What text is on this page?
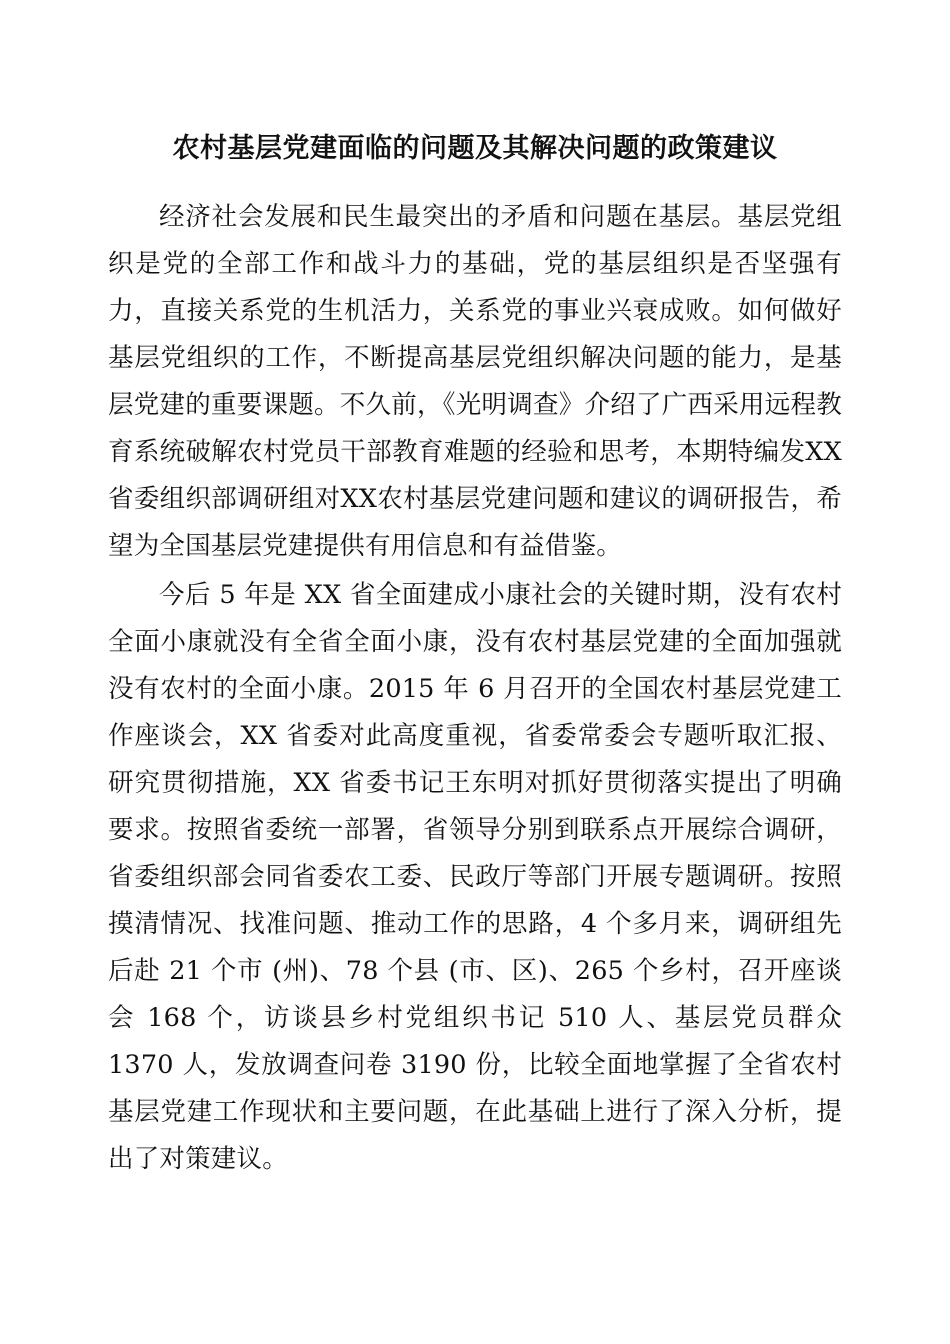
农村基层党建面临的问题及其解决问题的政策建议

经济社会发展和民生最突出的矛盾和问题在基层。基层党组织是党的全部工作和战斗力的基础，党的基层组织是否坚强有力，直接关系党的生机活力，关系党的事业兴衰成败。如何做好基层党组织的工作，不断提高基层党组织解决问题的能力，是基层党建的重要课题。不久前，《光明调查》介绍了广西采用远程教育系统破解农村党员干部教育难题的经验和思考，本期特编发XX省委组织部调研组对XX农村基层党建问题和建议的调研报告，希望为全国基层党建提供有用信息和有益借鉴。

今后 5 年是 XX 省全面建成小康社会的关键时期，没有农村全面小康就没有全省全面小康，没有农村基层党建的全面加强就没有农村的全面小康。2015 年 6 月召开的全国农村基层党建工作座谈会，XX 省委对此高度重视，省委常委会专题听取汇报、研究贯彻措施，XX 省委书记王东明对抓好贯彻落实提出了明确要求。按照省委统一部署，省领导分别到联系点开展综合调研，省委组织部会同省委农工委、民政厅等部门开展专题调研。按照摸清情况、找准问题、推动工作的思路，4 个多月来，调研组先后赴 21 个市 (州)、78 个县 (市、区)、265 个乡村，召开座谈会 168 个，访谈县乡村党组织书记 510 人、基层党员群众 1370 人，发放调查问卷 3190 份，比较全面地掌握了全省农村基层党建工作现状和主要问题，在此基础上进行了深入分析，提出了对策建议。
